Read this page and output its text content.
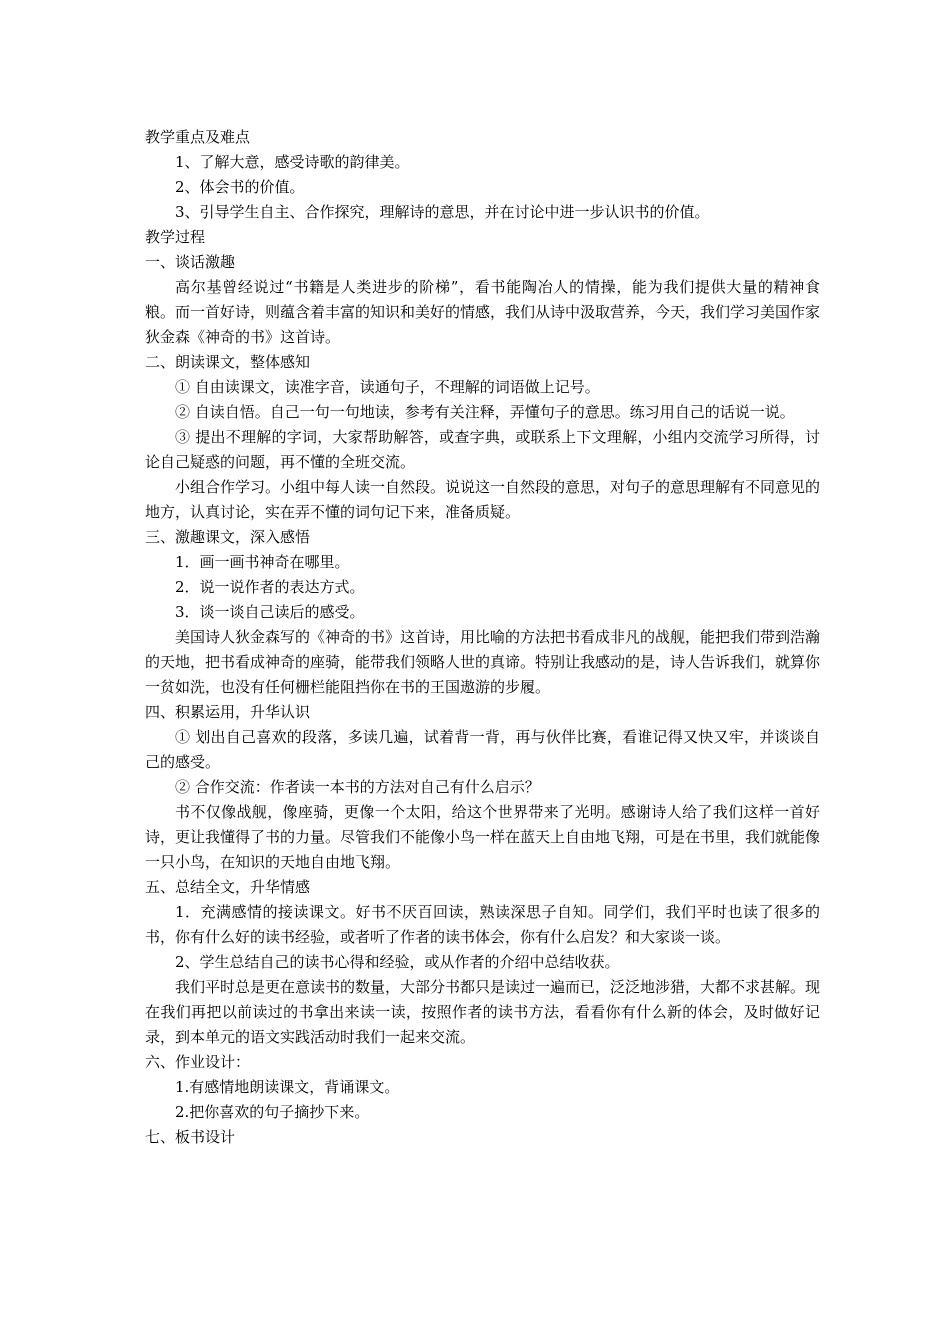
教学重点及难点
1、了解大意，感受诗歌的韵律美。
2、体会书的价值。
3、引导学生自主、合作探究，理解诗的意思，并在讨论中进一步认识书的价值。
教学过程
一、谈话激趣
高尔基曾经说过“书籍是人类进步的阶梯”，看书能陶冶人的情操，能为我们提供大量的精神食粮。而一首好诗，则蕴含着丰富的知识和美好的情感，我们从诗中汲取营养，今天，我们学习美国作家狄金森《神奇的书》这首诗。
二、朗读课文，整体感知
① 自由读课文，读准字音，读通句子，不理解的词语做上记号。
② 自读自悟。自己一句一句地读，参考有关注释，弄懂句子的意思。练习用自己的话说一说。
③ 提出不理解的字词，大家帮助解答，或查字典，或联系上下文理解，小组内交流学习所得，讨论自己疑惑的问题，再不懂的全班交流。
小组合作学习。小组中每人读一自然段。说说这一自然段的意思，对句子的意思理解有不同意见的地方，认真讨论，实在弄不懂的词句记下来，准备质疑。
三、激趣课文，深入感悟
1．画一画书神奇在哪里。
2．说一说作者的表达方式。
3．谈一谈自己读后的感受。
美国诗人狄金森写的《神奇的书》这首诗，用比喻的方法把书看成非凡的战舰，能把我们带到浩瀚的天地，把书看成神奇的座骑，能带我们领略人世的真谛。特别让我感动的是，诗人告诉我们，就算你一贫如洗，也没有任何栅栏能阻挡你在书的王国遨游的步履。
四、积累运用，升华认识
① 划出自己喜欢的段落，多读几遍，试着背一背，再与伙伴比赛，看谁记得又快又牢，并谈谈自己的感受。
② 合作交流：作者读一本书的方法对自己有什么启示？
书不仅像战舰，像座骑，更像一个太阳，给这个世界带来了光明。感谢诗人给了我们这样一首好诗，更让我懂得了书的力量。尽管我们不能像小鸟一样在蓝天上自由地飞翔，可是在书里，我们就能像一只小鸟，在知识的天地自由地飞翔。
五、总结全文，升华情感
1．充满感情的接读课文。好书不厌百回读，熟读深思子自知。同学们，我们平时也读了很多的书，你有什么好的读书经验，或者听了作者的读书体会，你有什么启发？和大家谈一谈。
2、学生总结自己的读书心得和经验，或从作者的介绍中总结收获。
我们平时总是更在意读书的数量，大部分书都只是读过一遍而已，泛泛地涉猎，大都不求甚解。现在我们再把以前读过的书拿出来读一读，按照作者的读书方法，看看你有什么新的体会，及时做好记录，到本单元的语文实践活动时我们一起来交流。
六、作业设计：
1.有感情地朗读课文，背诵课文。
2.把你喜欢的句子摘抄下来。
七、板书设计
